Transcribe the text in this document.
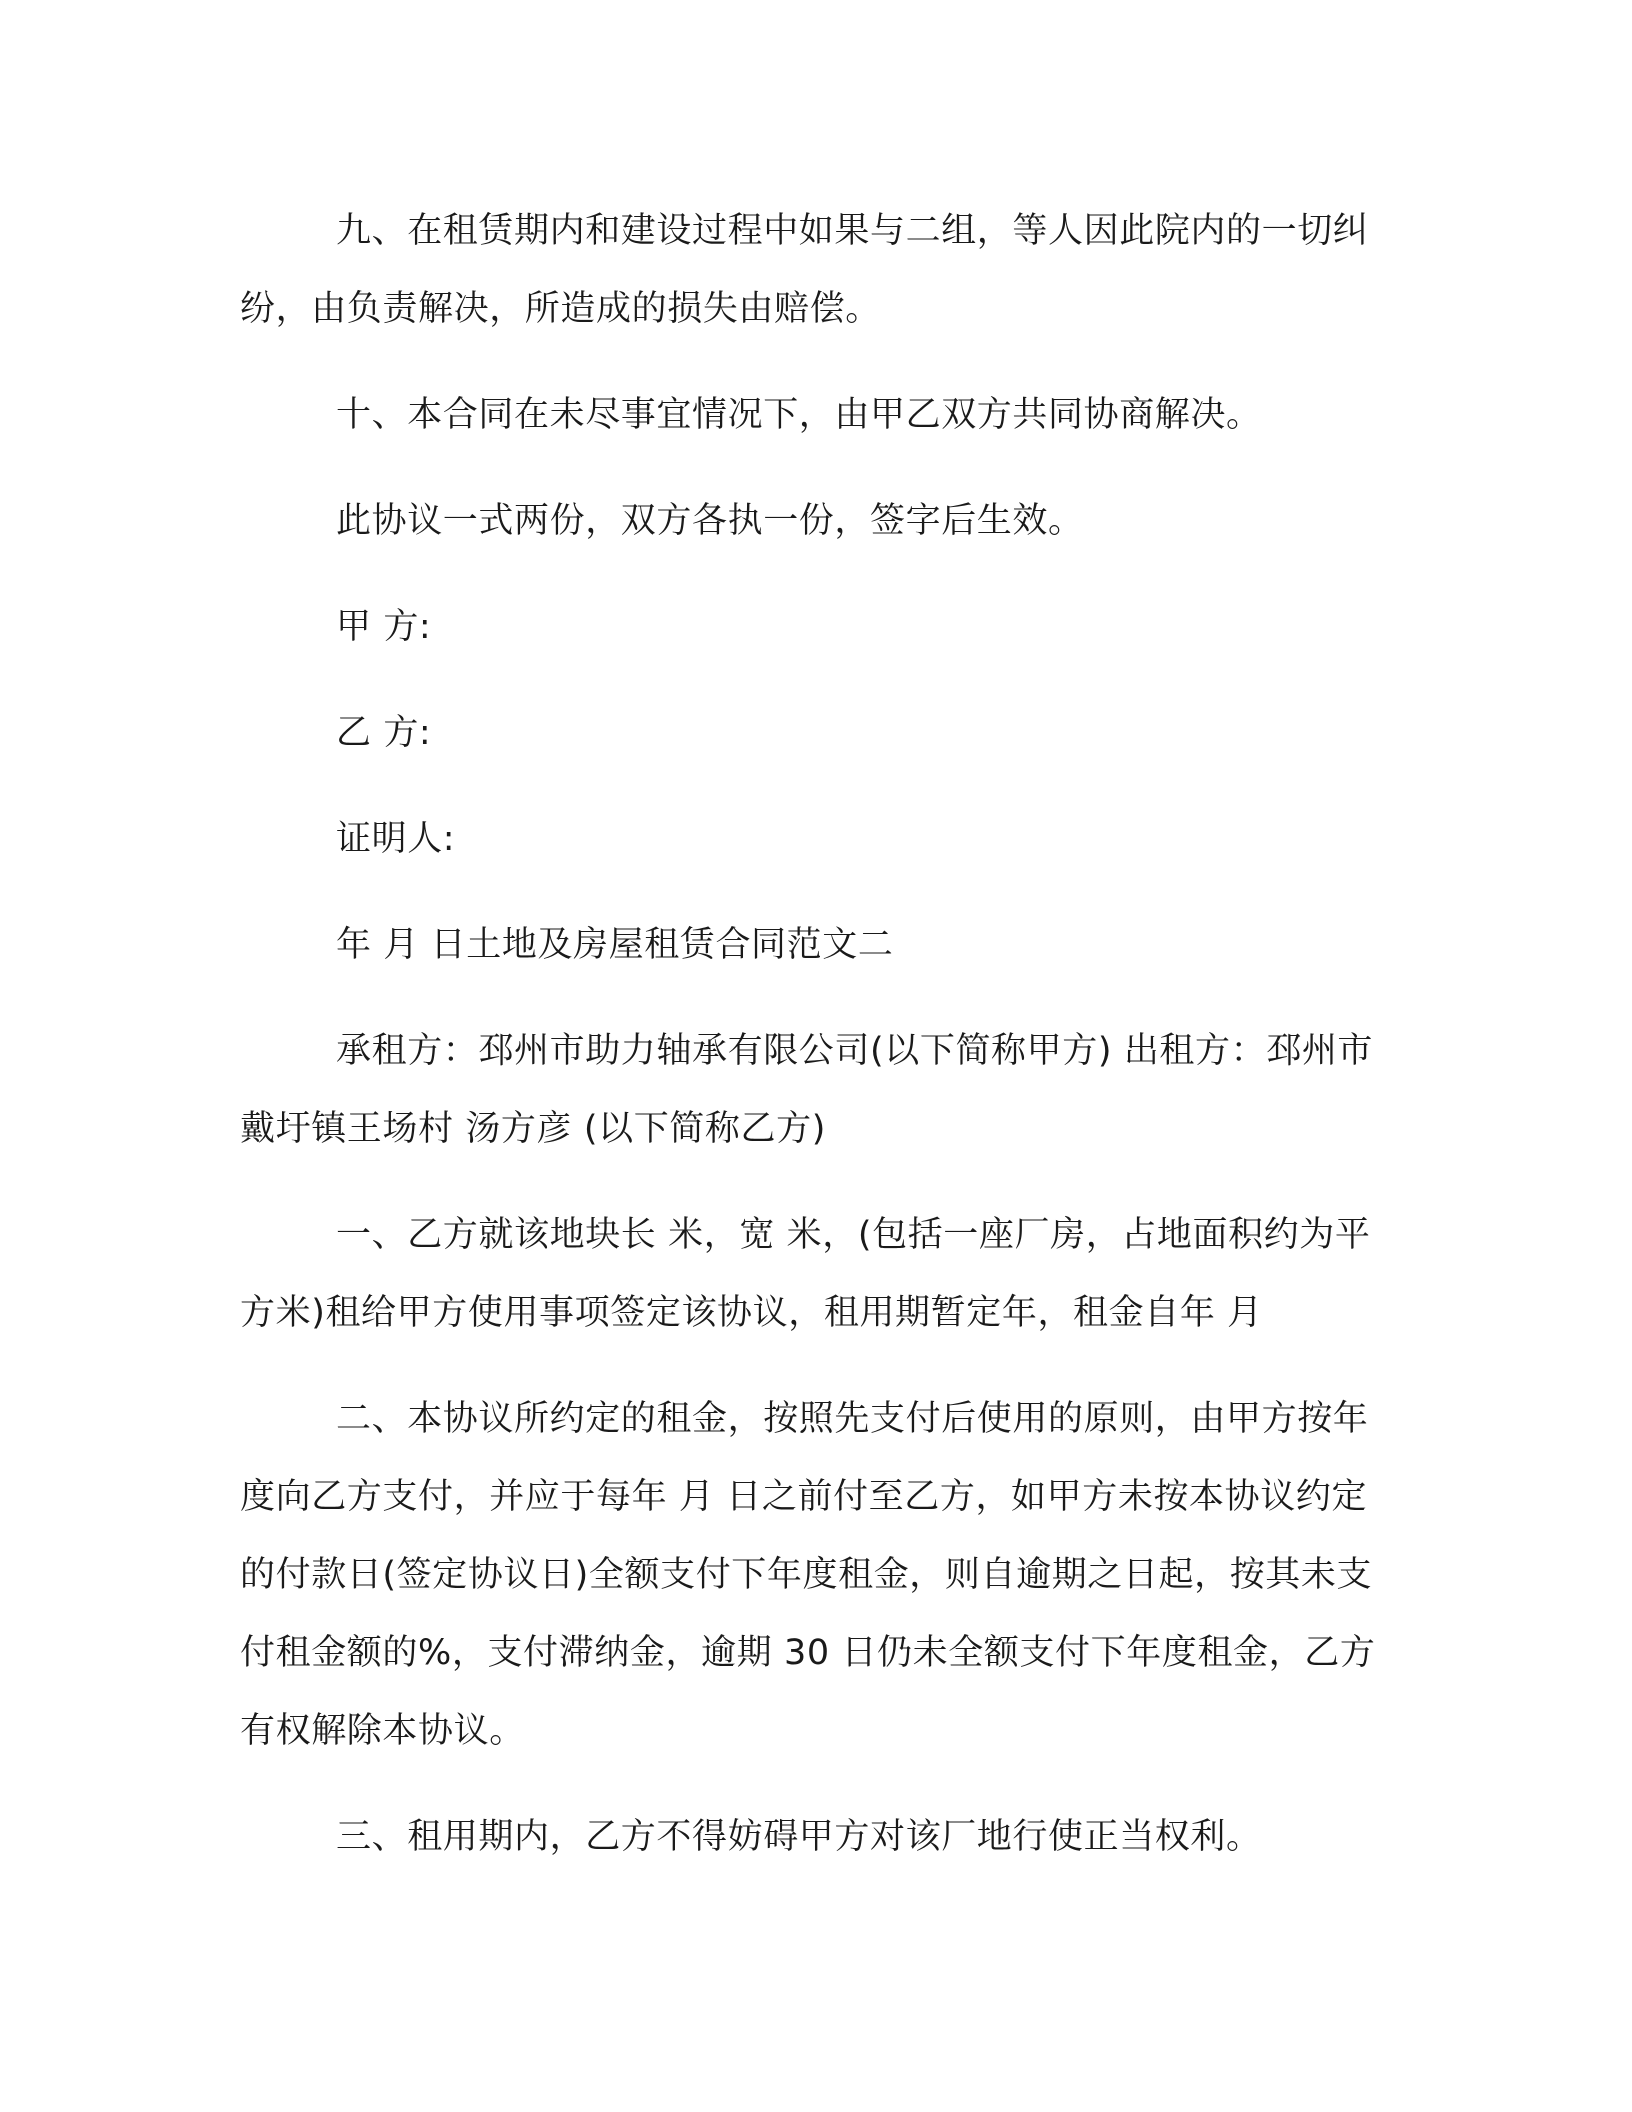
九、在租赁期内和建设过程中如果与二组，等人因此院内的一切纠纷，由负责解决，所造成的损失由赔偿。

十、本合同在未尽事宜情况下，由甲乙双方共同协商解决。

此协议一式两份，双方各执一份，签字后生效。

甲 方:

乙 方:

证明人:

年 月 日土地及房屋租赁合同范文二

承租方：邳州市助力轴承有限公司(以下简称甲方) 出租方：邳州市戴圩镇王场村 汤方彦 (以下简称乙方)

一、乙方就该地块长 米，宽 米，(包括一座厂房，占地面积约为平方米)租给甲方使用事项签定该协议，租用期暂定年，租金自年 月

二、本协议所约定的租金，按照先支付后使用的原则，由甲方按年度向乙方支付，并应于每年 月 日之前付至乙方，如甲方未按本协议约定的付款日(签定协议日)全额支付下年度租金，则自逾期之日起，按其未支付租金额的%，支付滞纳金，逾期 30 日仍未全额支付下年度租金，乙方有权解除本协议。

三、租用期内，乙方不得妨碍甲方对该厂地行使正当权利。
